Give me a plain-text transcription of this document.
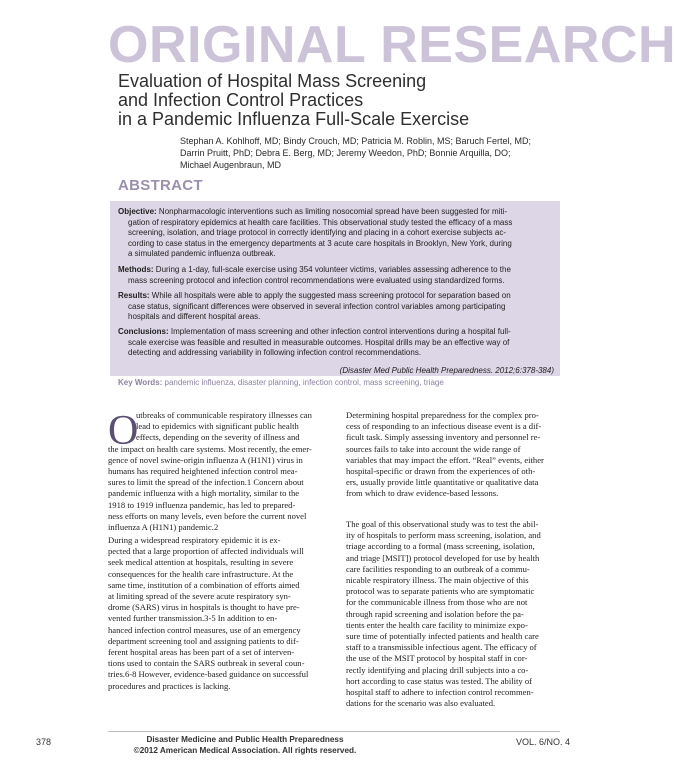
ORIGINAL RESEARCH
Evaluation of Hospital Mass Screening
and Infection Control Practices
in a Pandemic Influenza Full-Scale Exercise
Stephan A. Kohlhoff, MD; Bindy Crouch, MD; Patricia M. Roblin, MS; Baruch Fertel, MD;
Darrin Pruitt, PhD; Debra E. Berg, MD; Jeremy Weedon, PhD; Bonnie Arquilla, DO;
Michael Augenbraun, MD
ABSTRACT
Objective: Nonpharmacologic interventions such as limiting nosocomial spread have been suggested for miti-
gation of respiratory epidemics at health care facilities. This observational study tested the efficacy of a mass
screening, isolation, and triage protocol in correctly identifying and placing in a cohort exercise subjects ac-
cording to case status in the emergency departments at 3 acute care hospitals in Brooklyn, New York, during
a simulated pandemic influenza outbreak.
Methods: During a 1-day, full-scale exercise using 354 volunteer victims, variables assessing adherence to the
mass screening protocol and infection control recommendations were evaluated using standardized forms.
Results: While all hospitals were able to apply the suggested mass screening protocol for separation based on
case status, significant differences were observed in several infection control variables among participating
hospitals and different hospital areas.
Conclusions: Implementation of mass screening and other infection control interventions during a hospital full-
scale exercise was feasible and resulted in measurable outcomes. Hospital drills may be an effective way of
detecting and addressing variability in following infection control recommendations.
(Disaster Med Public Health Preparedness. 2012;6:378-384)
Key Words: pandemic influenza, disaster planning, infection control, mass screening, triage
O
utbreaks of communicable respiratory illnesses can
lead to epidemics with significant public health
effects, depending on the severity of illness and
the impact on health care systems. Most recently, the emer-
gence of novel swine-origin influenza A (H1N1) virus in
humans has required heightened infection control mea-
sures to limit the spread of the infection.1 Concern about
pandemic influenza with a high mortality, similar to the
1918 to 1919 influenza pandemic, has led to prepared-
ness efforts on many levels, even before the current novel
influenza A (H1N1) pandemic.2
During a widespread respiratory epidemic it is ex-
pected that a large proportion of affected individuals will
seek medical attention at hospitals, resulting in severe
consequences for the health care infrastructure. At the
same time, institution of a combination of efforts aimed
at limiting spread of the severe acute respiratory syn-
drome (SARS) virus in hospitals is thought to have pre-
vented further transmission.3-5 In addition to en-
hanced infection control measures, use of an emergency
department screening tool and assigning patients to dif-
ferent hospital areas has been part of a set of interven-
tions used to contain the SARS outbreak in several coun-
tries.6-8 However, evidence-based guidance on successful
procedures and practices is lacking.
Determining hospital preparedness for the complex pro-
cess of responding to an infectious disease event is a dif-
ficult task. Simply assessing inventory and personnel re-
sources fails to take into account the wide range of
variables that may impact the effort. “Real” events, either
hospital-specific or drawn from the experiences of oth-
ers, usually provide little quantitative or qualitative data
from which to draw evidence-based lessons.
The goal of this observational study was to test the abil-
ity of hospitals to perform mass screening, isolation, and
triage according to a formal (mass screening, isolation,
and triage [MSIT]) protocol developed for use by health
care facilities responding to an outbreak of a commu-
nicable respiratory illness. The main objective of this
protocol was to separate patients who are symptomatic
for the communicable illness from those who are not
through rapid screening and isolation before the pa-
tients enter the health care facility to minimize expo-
sure time of potentially infected patients and health care
staff to a transmissible infectious agent. The efficacy of
the use of the MSIT protocol by hospital staff in cor-
rectly identifying and placing drill subjects into a co-
hort according to case status was tested. The ability of
hospital staff to adhere to infection control recommen-
dations for the scenario was also evaluated.
378	Disaster Medicine and Public Health Preparedness
©2012 American Medical Association. All rights reserved.
VOL. 6/NO. 4
